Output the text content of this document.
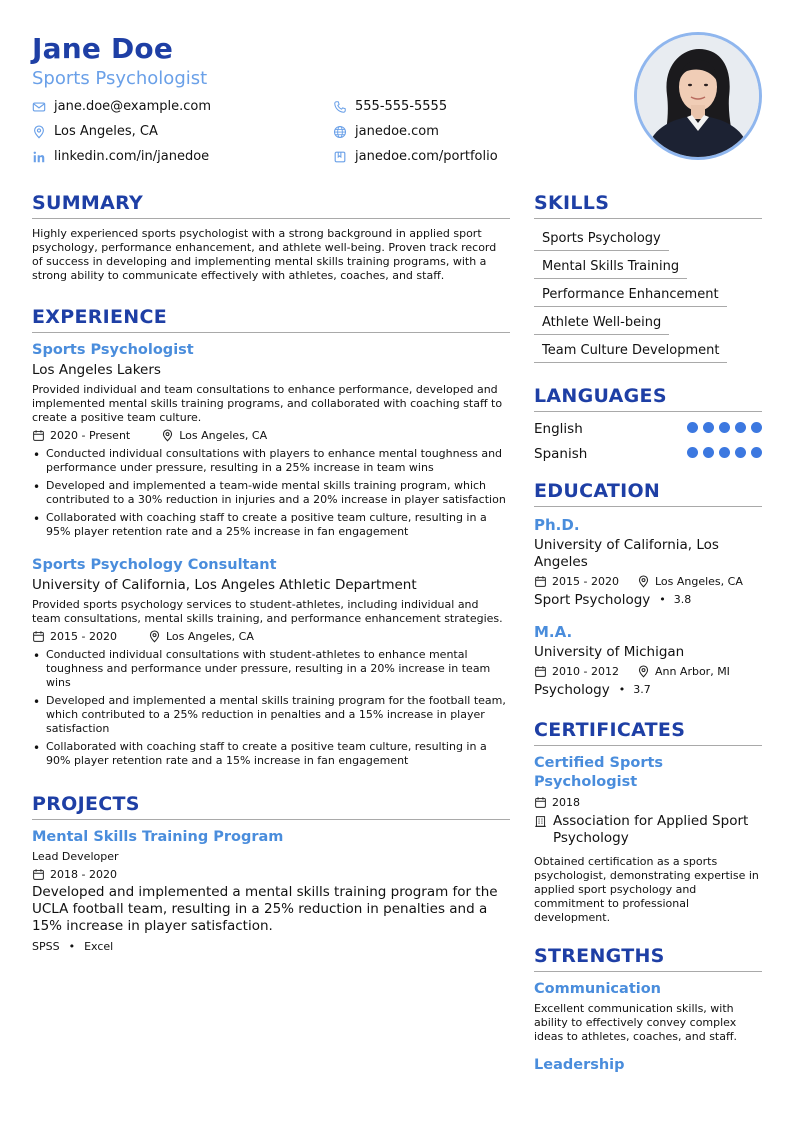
Jane Doe
Sports Psychologist
jane.doe@example.com	555-555-5555
Los Angeles, CA	janedoe.com
linkedin.com/in/janedoe	janedoe.com/portfolio
SUMMARY

Highly experienced sports psychologist with a strong background in applied sport psychology, performance enhancement, and athlete well-being. Proven track record of success in developing and implementing mental skills training programs, with a strong ability to communicate effectively with athletes, coaches, and staff.

EXPERIENCE
Sports Psychologist
Los Angeles Lakers

Provided individual and team consultations to enhance performance, developed and implemented mental skills training programs, and collaborated with coaching staff to create a positive team culture.

2020 - Present	Los Angeles, CA
• Conducted individual consultations with players to enhance mental toughness and performance under pressure, resulting in a 25% increase in team wins
• Developed and implemented a team-wide mental skills training program, which contributed to a 30% reduction in injuries and a 20% increase in player satisfaction
• Collaborated with coaching staff to create a positive team culture, resulting in a 95% player retention rate and a 25% increase in fan engagement
Sports Psychology Consultant
University of California, Los Angeles Athletic Department

Provided sports psychology services to student-athletes, including individual and team consultations, mental skills training, and performance enhancement strategies.

2015 - 2020	Los Angeles, CA
• Conducted individual consultations with student-athletes to enhance mental toughness and performance under pressure, resulting in a 20% increase in team wins
• Developed and implemented a mental skills training program for the football team, which contributed to a 25% reduction in penalties and a 15% increase in player satisfaction
• Collaborated with coaching staff to create a positive team culture, resulting in a 90% player retention rate and a 15% increase in fan engagement
PROJECTS
Mental Skills Training Program
Lead Developer
2018 - 2020

Developed and implemented a mental skills training program for the UCLA football team, resulting in a 25% reduction in penalties and a 15% increase in player satisfaction.

SPSS • Excel
SKILLS
Sports Psychology
Mental Skills Training
Performance Enhancement
Athlete Well-being
Team Culture Development
LANGUAGES
English
Spanish
EDUCATION
Ph.D.
University of California, Los Angeles
2015 - 2020	Los Angeles, CA
Sport Psychology • 3.8
M.A.
University of Michigan
2010 - 2012	Ann Arbor, MI
Psychology • 3.7
CERTIFICATES
Certified Sports Psychologist
2018
Association for Applied Sport Psychology

Obtained certification as a sports psychologist, demonstrating expertise in applied sport psychology and commitment to professional development.

STRENGTHS
Communication

Excellent communication skills, with ability to effectively convey complex ideas to athletes, coaches, and staff.

Leadership
